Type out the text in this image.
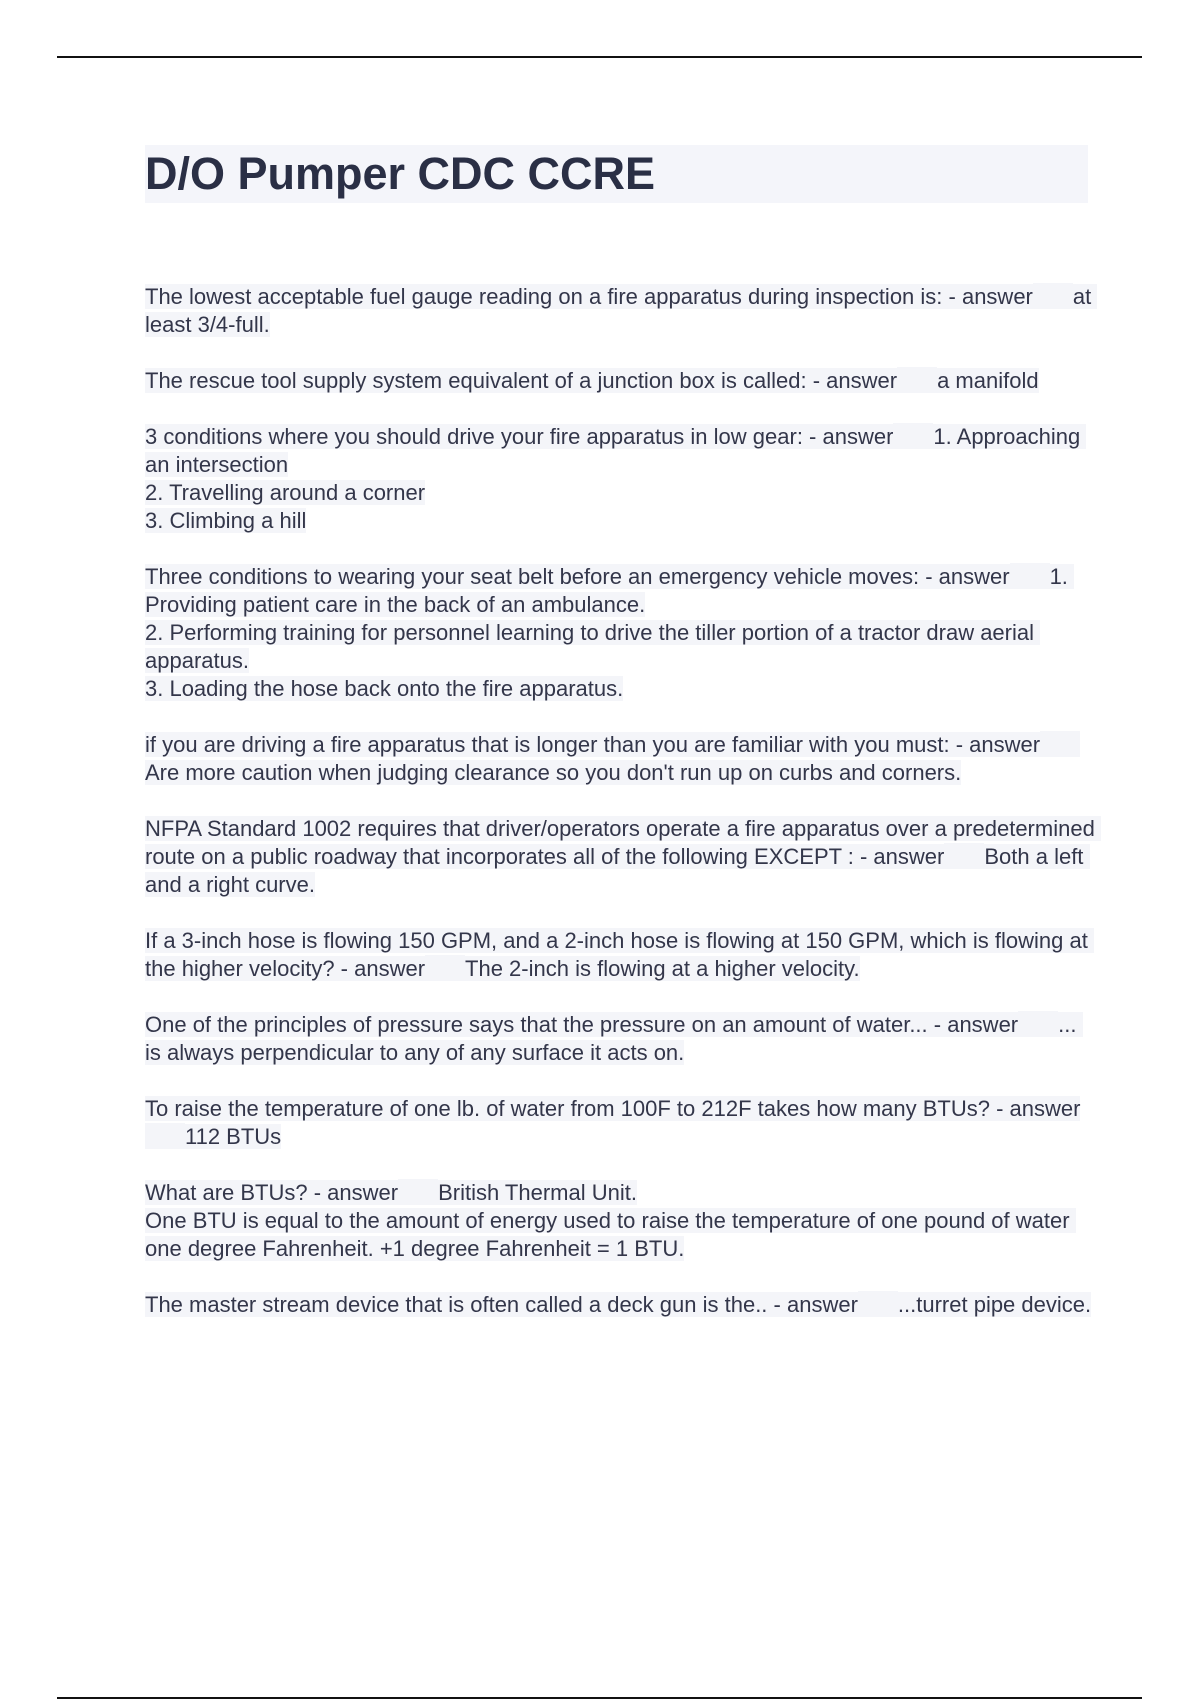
D/O Pumper CDC CCRE
The lowest acceptable fuel gauge reading on a fire apparatus during inspection is: - answer at least 3/4-full.
The rescue tool supply system equivalent of a junction box is called: - answer a manifold
3 conditions where you should drive your fire apparatus in low gear: - answer 1. Approaching an intersection
2. Travelling around a corner
3. Climbing a hill
Three conditions to wearing your seat belt before an emergency vehicle moves: - answer 1. Providing patient care in the back of an ambulance.
2. Performing training for personnel learning to drive the tiller portion of a tractor draw aerial apparatus.
3. Loading the hose back onto the fire apparatus.
if you are driving a fire apparatus that is longer than you are familiar with you must: - answerAre more caution when judging clearance so you don't run up on curbs and corners.
NFPA Standard 1002 requires that driver/operators operate a fire apparatus over a predetermined route on a public roadway that incorporates all of the following EXCEPT : - answer Both a left and a right curve.
If a 3-inch hose is flowing 150 GPM, and a 2-inch hose is flowing at 150 GPM, which is flowing at the higher velocity? - answer The 2-inch is flowing at a higher velocity.
One of the principles of pressure says that the pressure on an amount of water... - answer ... is always perpendicular to any of any surface it acts on.
To raise the temperature of one lb. of water from 100F to 212F takes how many BTUs? - answer112 BTUs
What are BTUs? - answer British Thermal Unit.
One BTU is equal to the amount of energy used to raise the temperature of one pound of water one degree Fahrenheit. +1 degree Fahrenheit = 1 BTU.
The master stream device that is often called a deck gun is the.. - answer ...turret pipe device.
